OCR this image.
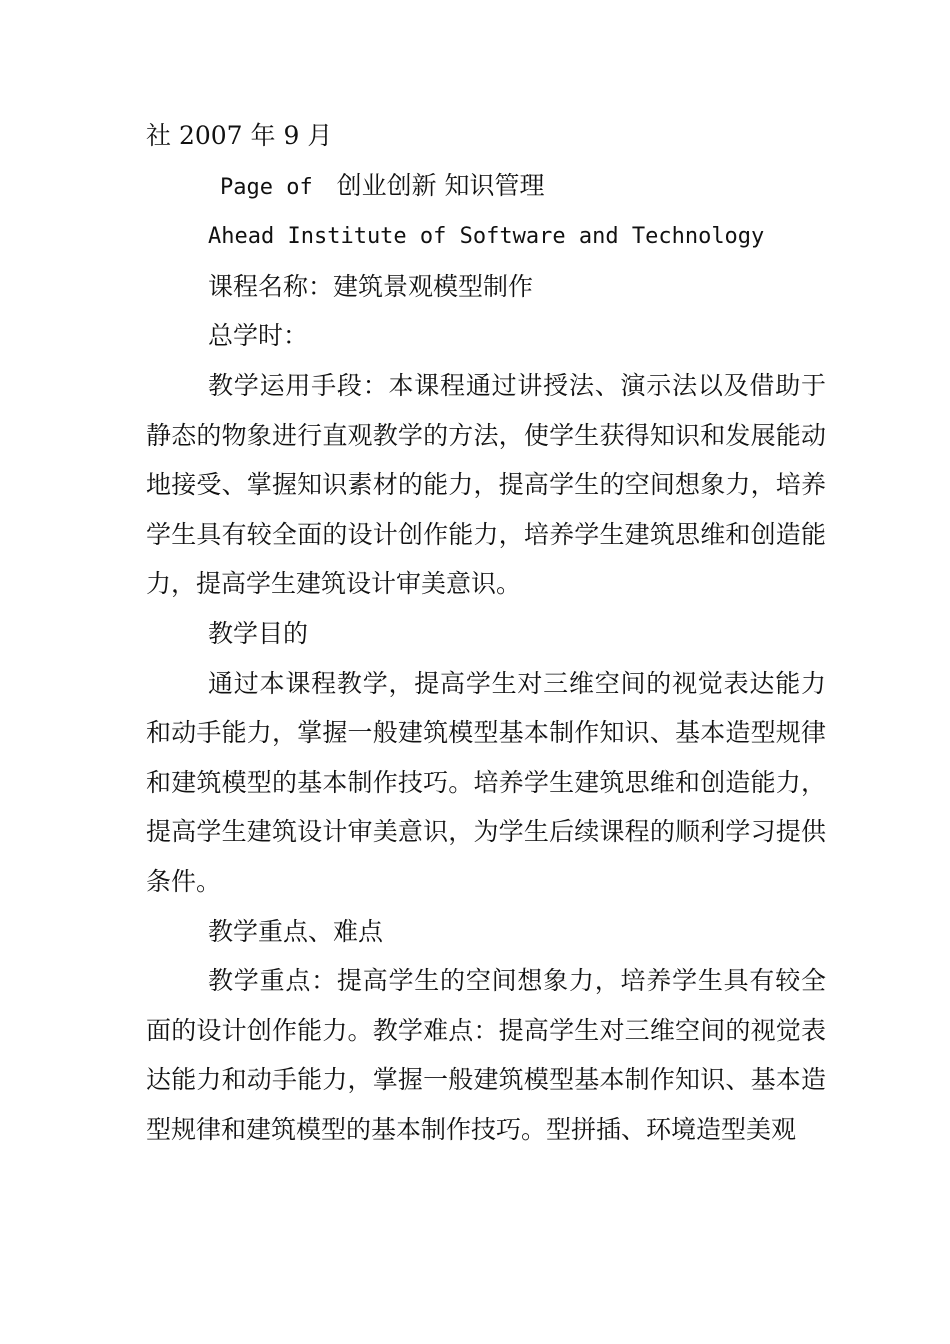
社 2007 年 9 月

Page of 创业创新 知识管理

Ahead Institute of Software and Technology

课程名称：建筑景观模型制作

总学时：

教学运用手段：本课程通过讲授法、演示法以及借助于静态的物象进行直观教学的方法，使学生获得知识和发展能动地接受、掌握知识素材的能力，提高学生的空间想象力，培养学生具有较全面的设计创作能力，培养学生建筑思维和创造能力，提高学生建筑设计审美意识。

教学目的

通过本课程教学，提高学生对三维空间的视觉表达能力和动手能力，掌握一般建筑模型基本制作知识、基本造型规律和建筑模型的基本制作技巧。培养学生建筑思维和创造能力，提高学生建筑设计审美意识，为学生后续课程的顺利学习提供条件。

教学重点、难点

教学重点：提高学生的空间想象力，培养学生具有较全面的设计创作能力。教学难点：提高学生对三维空间的视觉表达能力和动手能力，掌握一般建筑模型基本制作知识、基本造型规律和建筑模型的基本制作技巧。型拼插、环境造型美观
